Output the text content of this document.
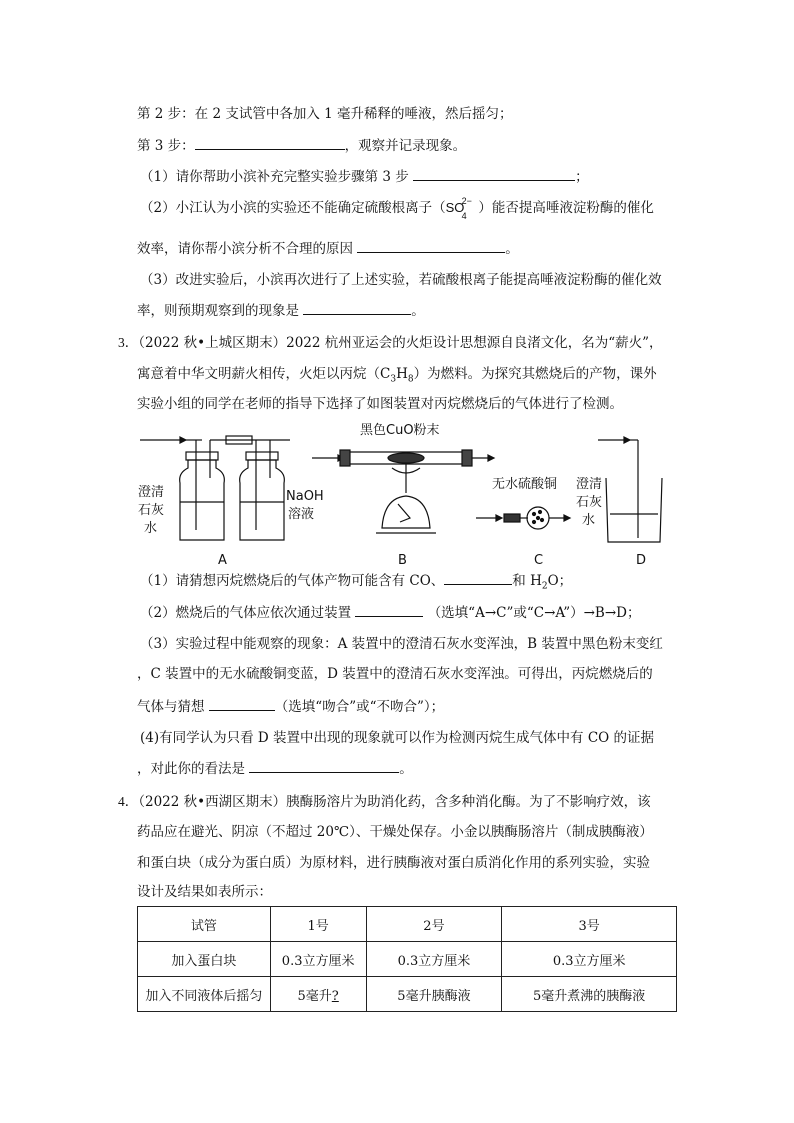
第 2 步：在 2 支试管中各加入 1 毫升稀释的唾液，然后摇匀；
第 3 步：	，观察并记录现象。
（1）请你帮助小滨补充完整实验步骤第 3 步	；
（2）小江认为小滨的实验还不能确定硫酸根离子（SO
2−
4 ）能否提高唾液淀粉酶的催化
效率，请你帮小滨分析不合理的原因	。
（3）改进实验后，小滨再次进行了上述实验，若硫酸根离子能提高唾液淀粉酶的催化效
率，则预期观察到的现象是	。
3．（2022 秋•上城区期末）2022 杭州亚运会的火炬设计思想源自良渚文化，名为“薪火”，
寓意着中华文明薪火相传，火炬以丙烷$(C_3H_8)$为燃料。为探究其燃烧后的产物，课外
实验小组的同学在老师的指导下选择了如图装置对丙烷燃烧后的气体进行了检测。
黑色CuO粉末
澄清
石灰
水
NaOH
溶液
无水硫酸铜 澄清
石灰
水
A	B	C	D
（1）请猜想丙烷燃烧后的气体产物可能含有 CO、	和 $H_2O$；
（2）燃烧后的气体应依次通过装置	（选填“A→C”或“C→A”）→B→D；
（3）实验过程中能观察的现象：A 装置中的澄清石灰水变浑浊，B 装置中黑色粉末变红
，C 装置中的无水硫酸铜变蓝，D 装置中的澄清石灰水变浑浊。可得出，丙烷燃烧后的
气体与猜想	（选填“吻合”或“不吻合”）；
(4)有同学认为只看 D 装置中出现的现象就可以作为检测丙烷生成气体中有 CO 的证据
，对此你的看法是	。
4．（2022 秋•西湖区期末）胰酶肠溶片为助消化药，含多种消化酶。为了不影响疗效，该
药品应在避光、阴凉（不超过 20℃）、干燥处保存。小金以胰酶肠溶片（制成胰酶液）
和蛋白块（成分为蛋白质）为原材料，进行胰酶液对蛋白质消化作用的系列实验，实验
设计及结果如表所示：
试管	1号	2号	3号
加入蛋白块	0.3立方厘米	0.3立方厘米	0.3立方厘米
加入不同液体后摇匀	5毫升?	5毫升胰酶液	5毫升煮沸的胰酶液
